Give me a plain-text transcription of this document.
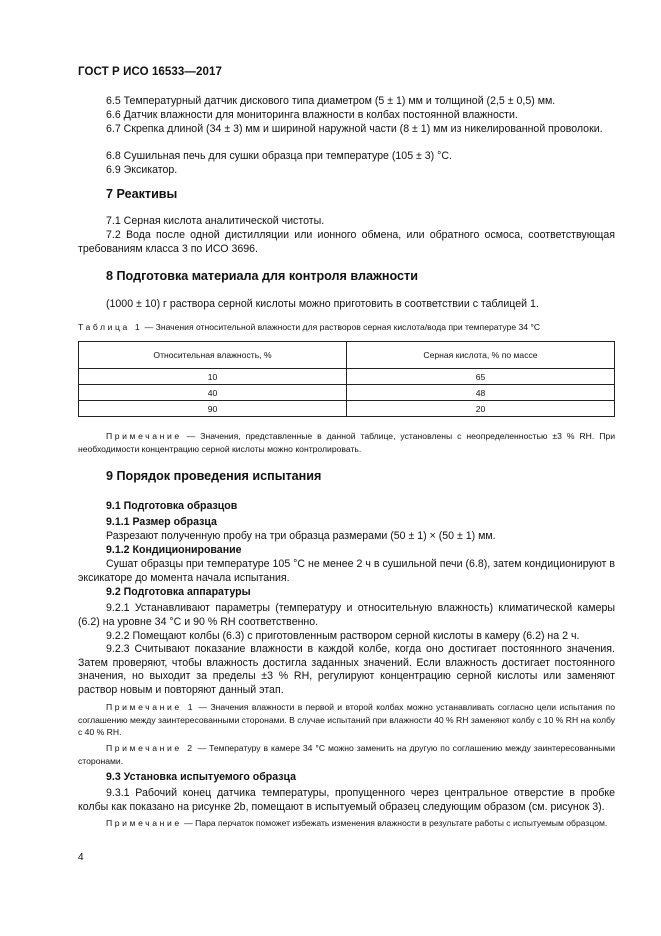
ГОСТ Р ИСО 16533—2017
6.5 Температурный датчик дискового типа диаметром (5 ± 1) мм и толщиной (2,5 ± 0,5) мм.
6.6 Датчик влажности для мониторинга влажности в колбах постоянной влажности.
6.7 Скрепка длиной (34 ± 3) мм и шириной наружной части (8 ± 1) мм из никелированной проволоки.
6.8 Сушильная печь для сушки образца при температуре (105 ± 3) °С.
6.9 Эксикатор.
7 Реактивы
7.1 Серная кислота аналитической чистоты.
7.2 Вода после одной дистилляции или ионного обмена, или обратного осмоса, соответствующая требованиям класса 3 по ИСО 3696.
8 Подготовка материала для контроля влажности
(1000 ± 10) г раствора серной кислоты можно приготовить в соответствии с таблицей 1.
Таблица 1 — Значения относительной влажности для растворов серная кислота/вода при температуре 34 °С
Относительная влажность, %	Серная кислота, % по массе
10	65
40	48
90	20
Примечание — Значения, представленные в данной таблице, установлены с неопределенностью ±3 % RH. При необходимости концентрацию серной кислоты можно контролировать.
9 Порядок проведения испытания
9.1 Подготовка образцов
9.1.1 Размер образца
Разрезают полученную пробу на три образца размерами (50 ± 1) × (50 ± 1) мм.
9.1.2 Кондиционирование
Сушат образцы при температуре 105 °С не менее 2 ч в сушильной печи (6.8), затем кондиционируют в эксикаторе до момента начала испытания.
9.2 Подготовка аппаратуры
9.2.1 Устанавливают параметры (температуру и относительную влажность) климатической камеры (6.2) на уровне 34 °С и 90 % RH соответственно.
9.2.2 Помещают колбы (6.3) с приготовленным раствором серной кислоты в камеру (6.2) на 2 ч.
9.2.3 Считывают показание влажности в каждой колбе, когда оно достигает постоянного значения. Затем проверяют, чтобы влажность достигла заданных значений. Если влажность достигает постоянного значения, но выходит за пределы ±3 % RH, регулируют концентрацию серной кислоты или заменяют раствор новым и повторяют данный этап.
Примечание 1 — Значения влажности в первой и второй колбах можно устанавливать согласно цели испытания по соглашению между заинтересованными сторонами. В случае испытаний при влажности 40 % RH заменяют колбу с 10 % RH на колбу с 40 % RH.
Примечание 2 — Температуру в камере 34 °С можно заменить на другую по соглашению между заинтересованными сторонами.
9.3 Установка испытуемого образца
9.3.1 Рабочий конец датчика температуры, пропущенного через центральное отверстие в пробке колбы как показано на рисунке 2b, помещают в испытуемый образец следующим образом (см. рисунок 3).
Примечание — Пара перчаток поможет избежать изменения влажности в результате работы с испытуемым образцом.
4
